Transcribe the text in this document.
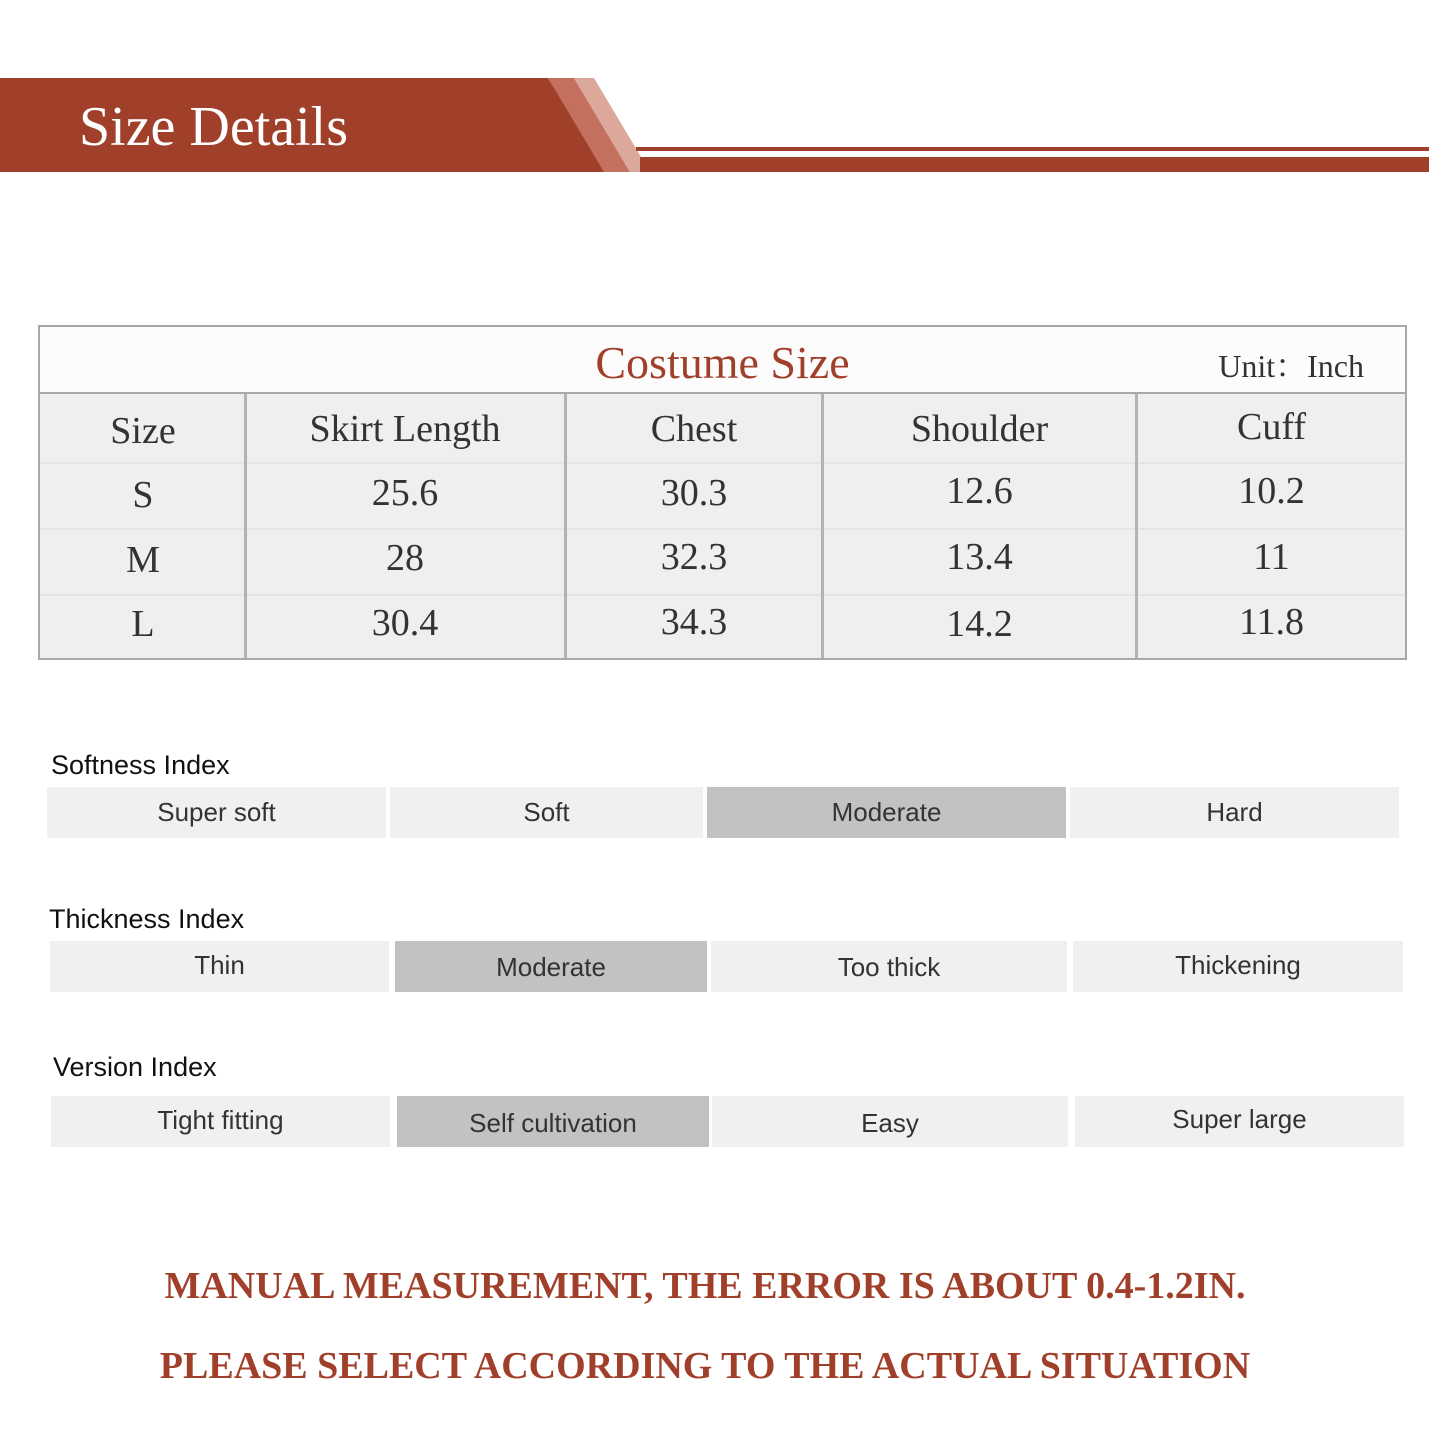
Size Details
Costume Size	Unit：Inch
Size	Skirt Length	Chest	Shoulder	Cuff
S	25.6	30.3	12.6	10.2
M	28	32.3	13.4	11
L	30.4	34.3	14.2	11.8
Softness Index
Super soft	Soft	Moderate	Hard
Thickness Index
Thin	Moderate	Too thick	Thickening
Version Index
Tight fitting	Self cultivation	Easy	Super large
MANUAL MEASUREMENT, THE ERROR IS ABOUT 0.4-1.2IN.
PLEASE SELECT ACCORDING TO THE ACTUAL SITUATION
